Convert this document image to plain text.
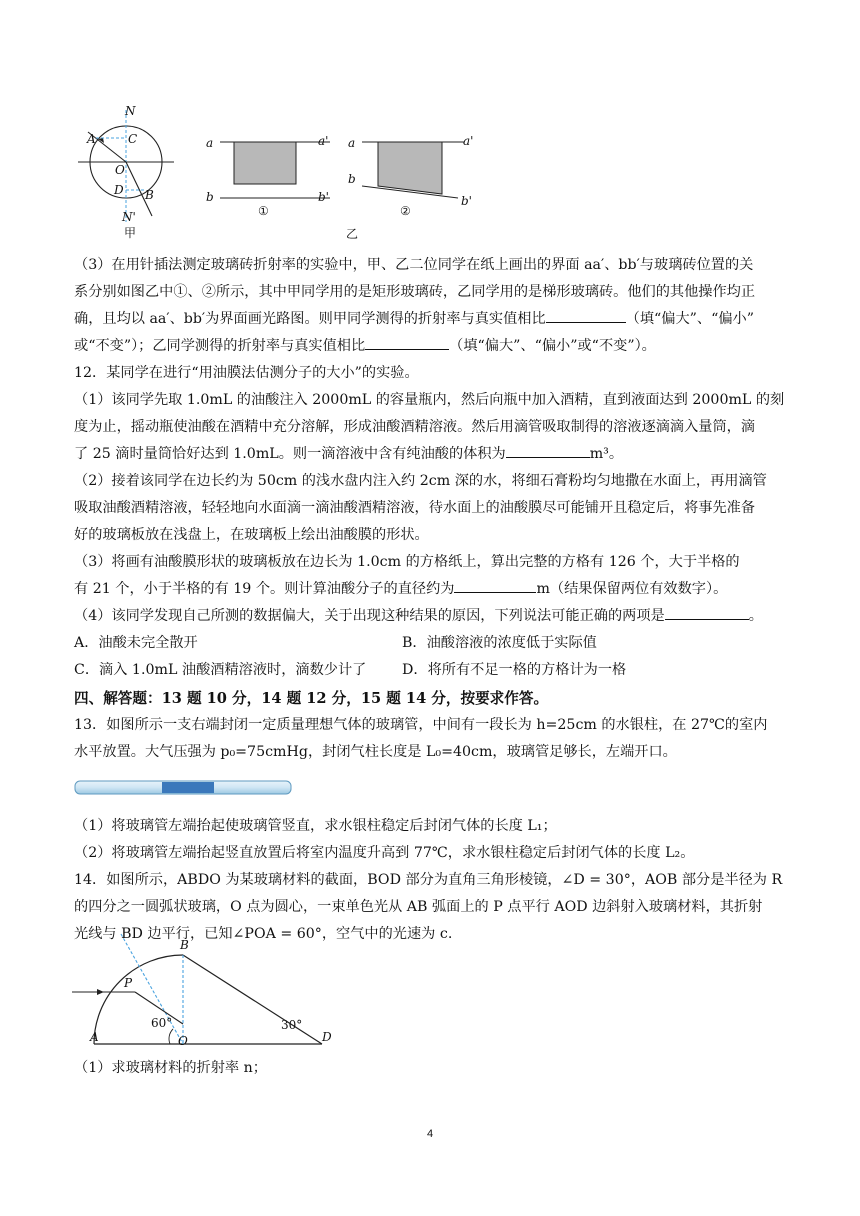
N
A	C
O
D B
N'
甲
a	a'
b	b'
①
a	a'
b
b'
②
乙

（3）在用针插法测定玻璃砖折射率的实验中，甲、乙二位同学在纸上画出的界面 aa′、bb′与玻璃砖位置的关

系分别如图乙中①、②所示，其中甲同学用的是矩形玻璃砖，乙同学用的是梯形玻璃砖。他们的其他操作均正

确，且均以 aa′、bb′为界面画光路图。则甲同学测得的折射率与真实值相比	（填“偏大”、“偏小”

或“不变”）；乙同学测得的折射率与真实值相比	（填“偏大”、“偏小”或“不变”）。

12．某同学在进行“用油膜法估测分子的大小”的实验。

（1）该同学先取 1.0mL 的油酸注入 2000mL 的容量瓶内，然后向瓶中加入酒精，直到液面达到 2000mL 的刻

度为止，摇动瓶使油酸在酒精中充分溶解，形成油酸酒精溶液。然后用滴管吸取制得的溶液逐滴滴入量筒，滴

了 25 滴时量筒恰好达到 1.0mL。则一滴溶液中含有纯油酸的体积为	m³。

（2）接着该同学在边长约为 50cm 的浅水盘内注入约 2cm 深的水，将细石膏粉均匀地撒在水面上，再用滴管

吸取油酸酒精溶液，轻轻地向水面滴一滴油酸酒精溶液，待水面上的油酸膜尽可能铺开且稳定后，将事先准备

好的玻璃板放在浅盘上，在玻璃板上绘出油酸膜的形状。

（3）将画有油酸膜形状的玻璃板放在边长为 1.0cm 的方格纸上，算出完整的方格有 126 个，大于半格的

有 21 个，小于半格的有 19 个。则计算油酸分子的直径约为	m（结果保留两位有效数字）。

（4）该同学发现自己所测的数据偏大，关于出现这种结果的原因，下列说法可能正确的两项是	。

A．油酸未完全散开	B．油酸溶液的浓度低于实际值
C．滴入 1.0mL 油酸酒精溶液时，滴数少计了	D．将所有不足一格的方格计为一格

四、解答题：13 题 10 分，14 题 12 分，15 题 14 分，按要求作答。

13．如图所示一支右端封闭一定质量理想气体的玻璃管，中间有一段长为 h=25cm 的水银柱，在 27℃的室内

水平放置。大气压强为 p₀=75cmHg，封闭气柱长度是 L₀=40cm，玻璃管足够长，左端开口。

（1）将玻璃管左端抬起使玻璃管竖直，求水银柱稳定后封闭气体的长度 L₁；

（2）将玻璃管左端抬起竖直放置后将室内温度升高到 77℃，求水银柱稳定后封闭气体的长度 L₂。

14．如图所示，ABDO 为某玻璃材料的截面，BOD 部分为直角三角形棱镜，∠D = 30°，AOB 部分是半径为 R

的四分之一圆弧状玻璃，O 点为圆心，一束单色光从 AB 弧面上的 P 点平行 AOD 边斜射入玻璃材料，其折射

光线与 BD 边平行，已知∠POA = 60°，空气中的光速为 c.

P
B
A	O	D
60°	30°

（1）求玻璃材料的折射率 n；

4
